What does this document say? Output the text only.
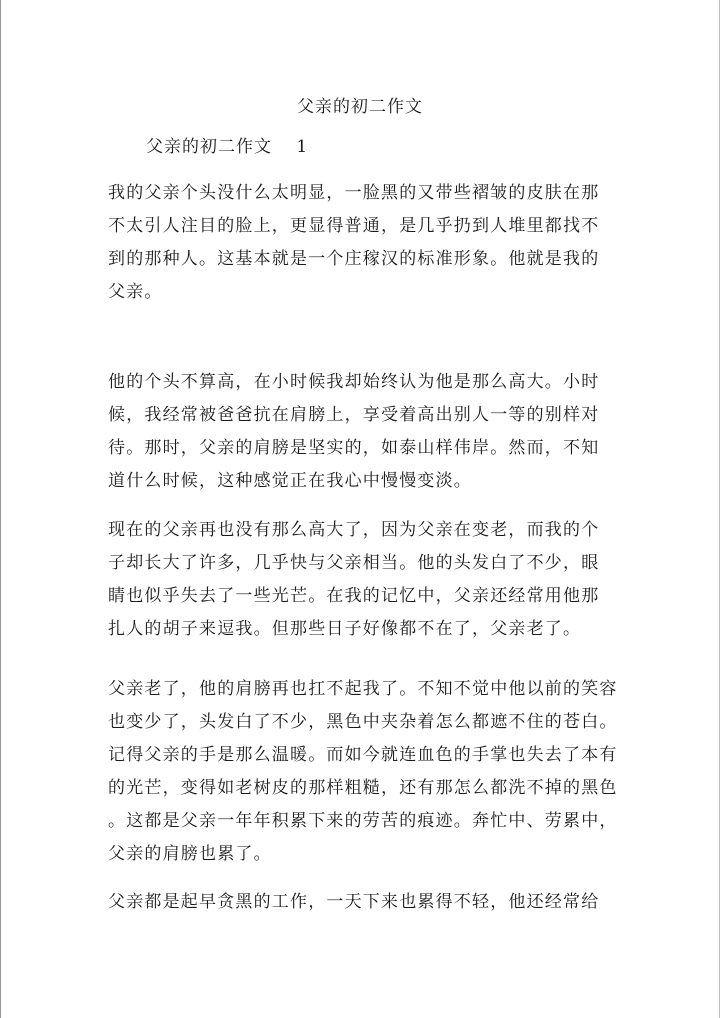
父亲的初二作文
父亲的初二作文　 1
我的父亲个头没什么太明显，一脸黑的又带些褶皱的皮肤在那
不太引人注目的脸上，更显得普通，是几乎扔到人堆里都找不
到的那种人。这基本就是一个庄稼汉的标准形象。他就是我的
父亲。
他的个头不算高，在小时候我却始终认为他是那么高大。小时
候，我经常被爸爸抗在肩膀上，享受着高出别人一等的别样对
待。那时，父亲的肩膀是坚实的，如泰山样伟岸。然而，不知
道什么时候，这种感觉正在我心中慢慢变淡。
现在的父亲再也没有那么高大了，因为父亲在变老，而我的个
子却长大了许多，几乎快与父亲相当。他的头发白了不少，眼
睛也似乎失去了一些光芒。在我的记忆中，父亲还经常用他那
扎人的胡子来逗我。但那些日子好像都不在了，父亲老了。
父亲老了，他的肩膀再也扛不起我了。不知不觉中他以前的笑容
也变少了，头发白了不少，黑色中夹杂着怎么都遮不住的苍白。
记得父亲的手是那么温暖。而如今就连血色的手掌也失去了本有
的光芒，变得如老树皮的那样粗糙，还有那怎么都洗不掉的黑色
。这都是父亲一年年积累下来的劳苦的痕迹。奔忙中、劳累中，
父亲的肩膀也累了。
父亲都是起早贪黑的工作，一天下来也累得不轻，他还经常给
